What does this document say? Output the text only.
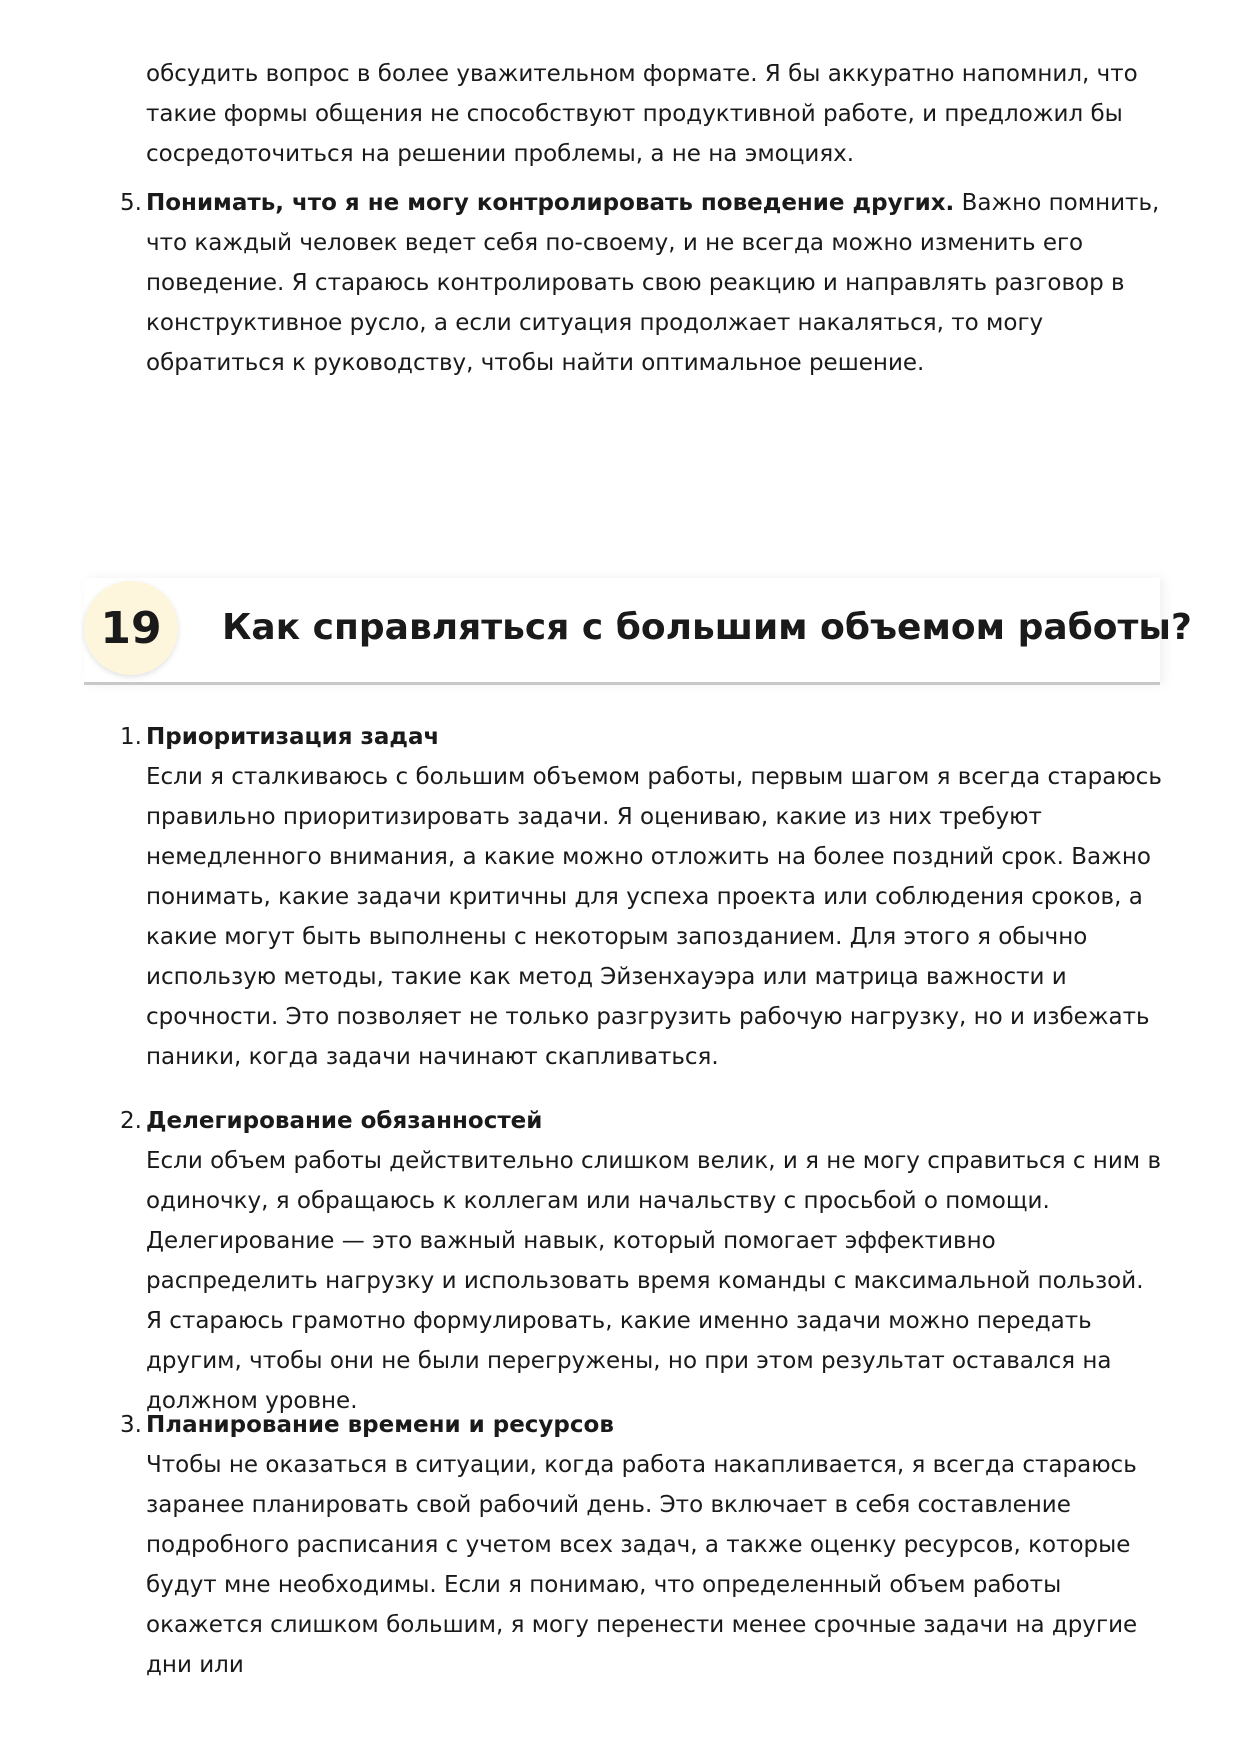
обсудить вопрос в более уважительном формате. Я бы аккуратно напомнил, что такие формы общения не способствуют продуктивной работе, и предложил бы сосредоточиться на решении проблемы, а не на эмоциях.

5. Понимать, что я не могу контролировать поведение других. Важно помнить, что каждый человек ведет себя по-своему, и не всегда можно изменить его поведение. Я стараюсь контролировать свою реакцию и направлять разговор в конструктивное русло, а если ситуация продолжает накаляться, то могу обратиться к руководству, чтобы найти оптимальное решение.
19	Как справляться с большим объемом работы?
1. Приоритизация задач
Если я сталкиваюсь с большим объемом работы, первым шагом я всегда стараюсь правильно приоритизировать задачи. Я оцениваю, какие из них требуют немедленного внимания, а какие можно отложить на более поздний срок. Важно понимать, какие задачи критичны для успеха проекта или соблюдения сроков, а какие могут быть выполнены с некоторым запозданием. Для этого я обычно использую методы, такие как метод Эйзенхауэра или матрица важности и срочности. Это позволяет не только разгрузить рабочую нагрузку, но и избежать паники, когда задачи начинают скапливаться.
2. Делегирование обязанностей
Если объем работы действительно слишком велик, и я не могу справиться с ним в одиночку, я обращаюсь к коллегам или начальству с просьбой о помощи. Делегирование — это важный навык, который помогает эффективно распределить нагрузку и использовать время команды с максимальной пользой. Я стараюсь грамотно формулировать, какие именно задачи можно передать другим, чтобы они не были перегружены, но при этом результат оставался на должном уровне.
3. Планирование времени и ресурсов
Чтобы не оказаться в ситуации, когда работа накапливается, я всегда стараюсь заранее планировать свой рабочий день. Это включает в себя составление подробного расписания с учетом всех задач, а также оценку ресурсов, которые будут мне необходимы. Если я понимаю, что определенный объем работы окажется слишком большим, я могу перенести менее срочные задачи на другие дни или
